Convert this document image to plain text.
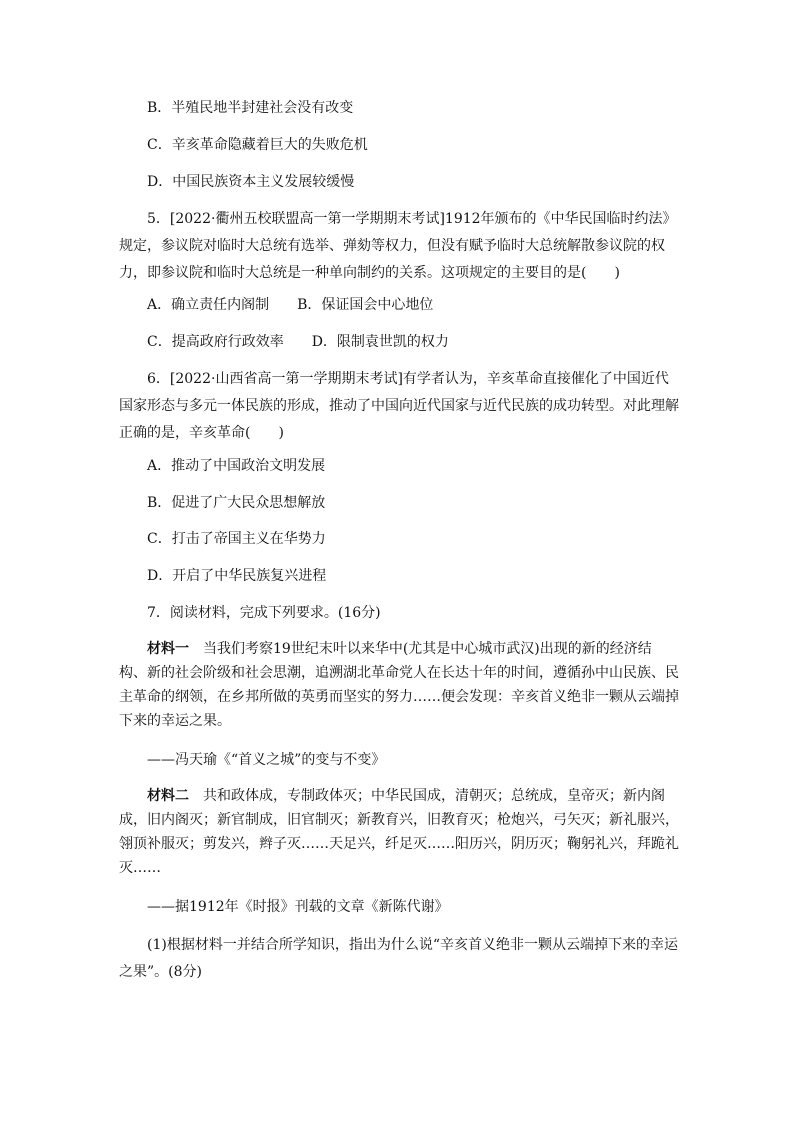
B．半殖民地半封建社会没有改变
C．辛亥革命隐藏着巨大的失败危机
D．中国民族资本主义发展较缓慢
5．[2022·衢州五校联盟高一第一学期期末考试]1912年颁布的《中华民国临时约法》规定，参议院对临时大总统有选举、弹劾等权力，但没有赋予临时大总统解散参议院的权力，即参议院和临时大总统是一种单向制约的关系。这项规定的主要目的是(　　)
A．确立责任内阁制　　B．保证国会中心地位
C．提高政府行政效率　　D．限制袁世凯的权力
6．[2022·山西省高一第一学期期末考试]有学者认为，辛亥革命直接催化了中国近代国家形态与多元一体民族的形成，推动了中国向近代国家与近代民族的成功转型。对此理解正确的是，辛亥革命(　　)
A．推动了中国政治文明发展
B．促进了广大民众思想解放
C．打击了帝国主义在华势力
D．开启了中华民族复兴进程
7．阅读材料，完成下列要求。(16分)
材料一　当我们考察19世纪末叶以来华中(尤其是中心城市武汉)出现的新的经济结构、新的社会阶级和社会思潮，追溯湖北革命党人在长达十年的时间，遵循孙中山民族、民主革命的纲领，在乡邦所做的英勇而坚实的努力……便会发现：辛亥首义绝非一颗从云端掉下来的幸运之果。
——冯天瑜《“首义之城”的变与不变》
材料二　共和政体成，专制政体灭；中华民国成，清朝灭；总统成，皇帝灭；新内阁成，旧内阁灭；新官制成，旧官制灭；新教育兴，旧教育灭；枪炮兴，弓矢灭；新礼服兴，翎顶补服灭；剪发兴，辫子灭……天足兴，纤足灭……阳历兴，阴历灭；鞠躬礼兴，拜跪礼灭……
——据1912年《时报》刊载的文章《新陈代谢》
(1)根据材料一并结合所学知识，指出为什么说“辛亥首义绝非一颗从云端掉下来的幸运之果”。(8分)
